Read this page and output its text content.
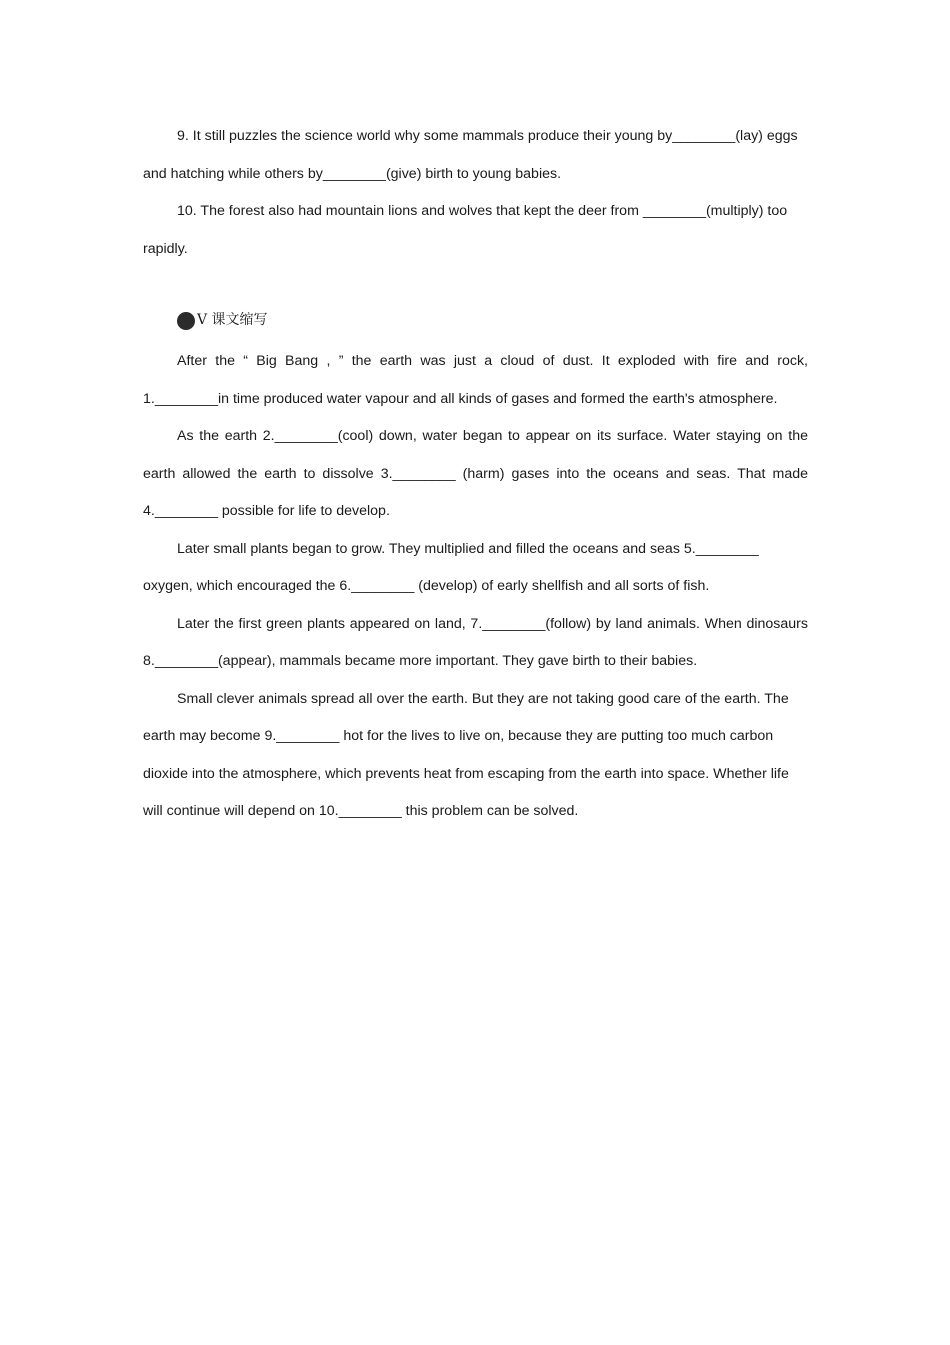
9. It still puzzles the science world why some mammals produce their young by________(lay) eggs and hatching while others by________(give) birth to young babies.

10. The forest also had mountain lions and wolves that kept the deer from ________(multiply) too rapidly.

V 课文缩写

After the “ Big Bang , ” the earth was just a cloud of dust. It exploded with fire and rock, 1.________in time produced water vapour and all kinds of gases and formed the earth's atmosphere.

As the earth 2.________(cool) down, water began to appear on its surface. Water staying on the earth allowed the earth to dissolve 3.________ (harm) gases into the oceans and seas. That made 4.________ possible for life to develop.

Later small plants began to grow. They multiplied and filled the oceans and seas 5.________ oxygen, which encouraged the 6.________ (develop) of early shellfish and all sorts of fish.

Later the first green plants appeared on land, 7.________(follow) by land animals. When dinosaurs 8.________(appear), mammals became more important. They gave birth to their babies.

Small clever animals spread all over the earth. But they are not taking good care of the earth. The earth may become 9.________ hot for the lives to live on, because they are putting too much carbon dioxide into the atmosphere, which prevents heat from escaping from the earth into space. Whether life will continue will depend on 10.________ this problem can be solved.
